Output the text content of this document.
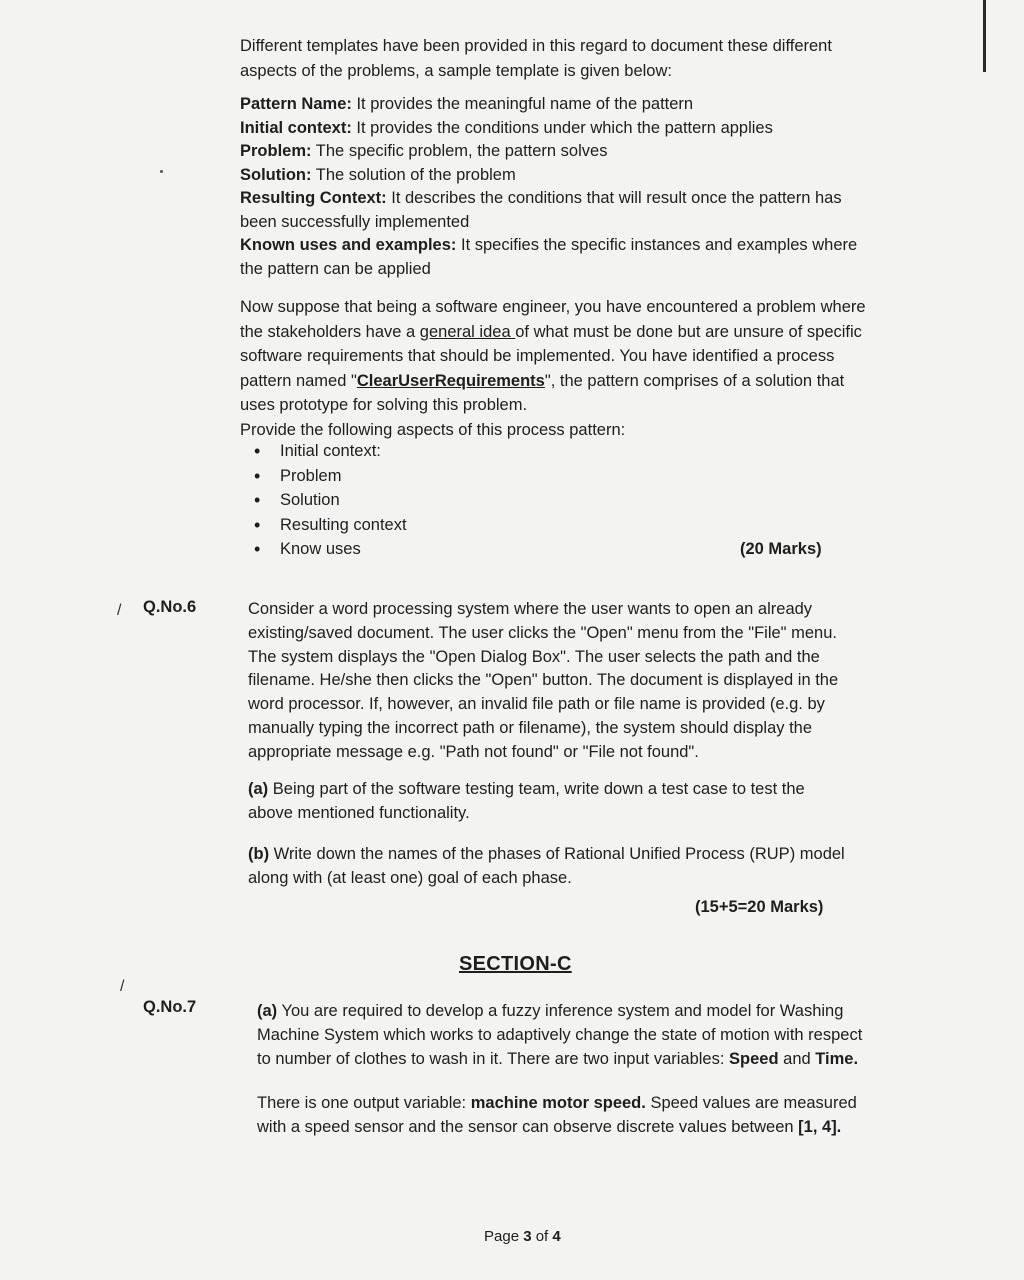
Different templates have been provided in this regard to document these different
aspects of the problems, a sample template is given below:
Pattern Name: It provides the meaningful name of the pattern
Initial context: It provides the conditions under which the pattern applies
Problem: The specific problem, the pattern solves
Solution: The solution of the problem
Resulting Context: It describes the conditions that will result once the pattern has
been successfully implemented
Known uses and examples: It specifies the specific instances and examples where
the pattern can be applied
Now suppose that being a software engineer, you have encountered a problem where
the stakeholders have a general idea of what must be done but are unsure of specific
software requirements that should be implemented. You have identified a process
pattern named "ClearUserRequirements", the pattern comprises of a solution that
uses prototype for solving this problem.
Provide the following aspects of this process pattern:
• Initial context:
• Problem
• Solution
• Resulting context
• Know uses	(20 Marks)
/ Q.No.6	Consider a word processing system where the user wants to open an already
existing/saved document. The user clicks the "Open" menu from the "File" menu.
The system displays the "Open Dialog Box". The user selects the path and the
filename. He/she then clicks the "Open" button. The document is displayed in the
word processor. If, however, an invalid file path or file name is provided (e.g. by
manually typing the incorrect path or filename), the system should display the
appropriate message e.g. "Path not found" or "File not found".
(a) Being part of the software testing team, write down a test case to test the
above mentioned functionality.
(b) Write down the names of the phases of Rational Unified Process (RUP) model
along with (at least one) goal of each phase.
(15+5=20 Marks)
SECTION-C
/
Q.No.7	(a) You are required to develop a fuzzy inference system and model for Washing
Machine System which works to adaptively change the state of motion with respect
to number of clothes to wash in it. There are two input variables: Speed and Time.
There is one output variable: machine motor speed. Speed values are measured
with a speed sensor and the sensor can observe discrete values between [1, 4].
Page 3 of 4
